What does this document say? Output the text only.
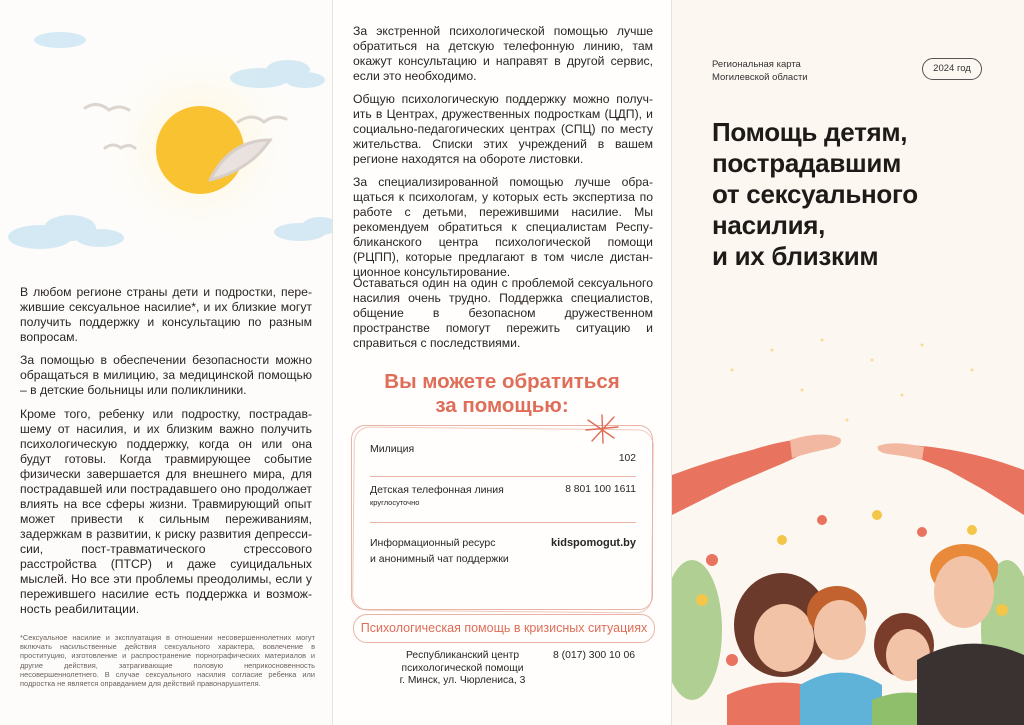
В любом регионе страны дети и подростки, пережившие сексуальное насилие*, и их близкие могут получить поддержку и консультацию по разным вопросам.

За помощью в обеспечении безопасности можно обращаться в милицию, за медицинской помощью – в детские больницы или поликлиники.

Кроме того, ребенку или подростку, пострадавшему от насилия, и их близким важно получить психологическую поддержку, когда он или она будут готовы. Когда травмирующее событие физически завершается для внешнего мира, для пострадавшей или пострадавшего оно продолжает влиять на все сферы жизни. Травмирующий опыт может привести к сильным переживаниям, задержкам в развитии, к риску развития депрессисии, пост-травматического стрессового расстройства (ПТСР) и даже суицидальных мыслей. Но все эти проблемы преодолимы, если у пережившего насилие есть поддержка и возможность реабилитации.

*Сексуальное насилие и эксплуатация в отношении несовершеннолетних могут включать насильственные действия сексуального характера, вовлечение в проституцию, изготовление и распространение порнографических материалов и другие действия, затрагивающие половую неприкосновенность несовершеннолетнего. В случае сексуального насилия согласие ребенка или подростка не является оправданием для действий правонарушителя.

За экстренной психологической помощью лучше обратиться на детскую телефонную линию, там окажут консультацию и направят в другой сервис, если это необходимо.

Общую психологическую поддержку можно получить в Центрах, дружественных подросткам (ЦДП), и социально-педагогических центрах (СПЦ) по месту жительства. Списки этих учреждений в вашем регионе находятся на обороте листовки.

За специализированной помощью лучше обращаться к психологам, у которых есть экспертиза по работе с детьми, пережившими насилие. Мы рекомендуем обратиться к специалистам Республиканского центра психологической помощи (РЦПП), которые предлагают в том числе дистанционное консультирование.

Оставаться один на один с проблемой сексуального насилия очень трудно. Поддержка специалистов, общение в безопасном дружественном пространстве помогут пережить ситуацию и справиться с последствиями.

Вы можете обратиться
за помощью:
Милиция
102
Детская телефонная линия
круглосуточно
8 801 100 1611
Информационный ресурс
и анонимный чат поддержки
kidspomogut.by
Психологическая помощь в кризисных ситуациях
Республиканский центр
психологической помощи
г. Минск, ул. Чюрлениса, 3
8 (017) 300 10 06
Региональная карта
Могилевской области
2024 год
Помощь детям,
пострадавшим
от сексуального
насилия,
и их близким
